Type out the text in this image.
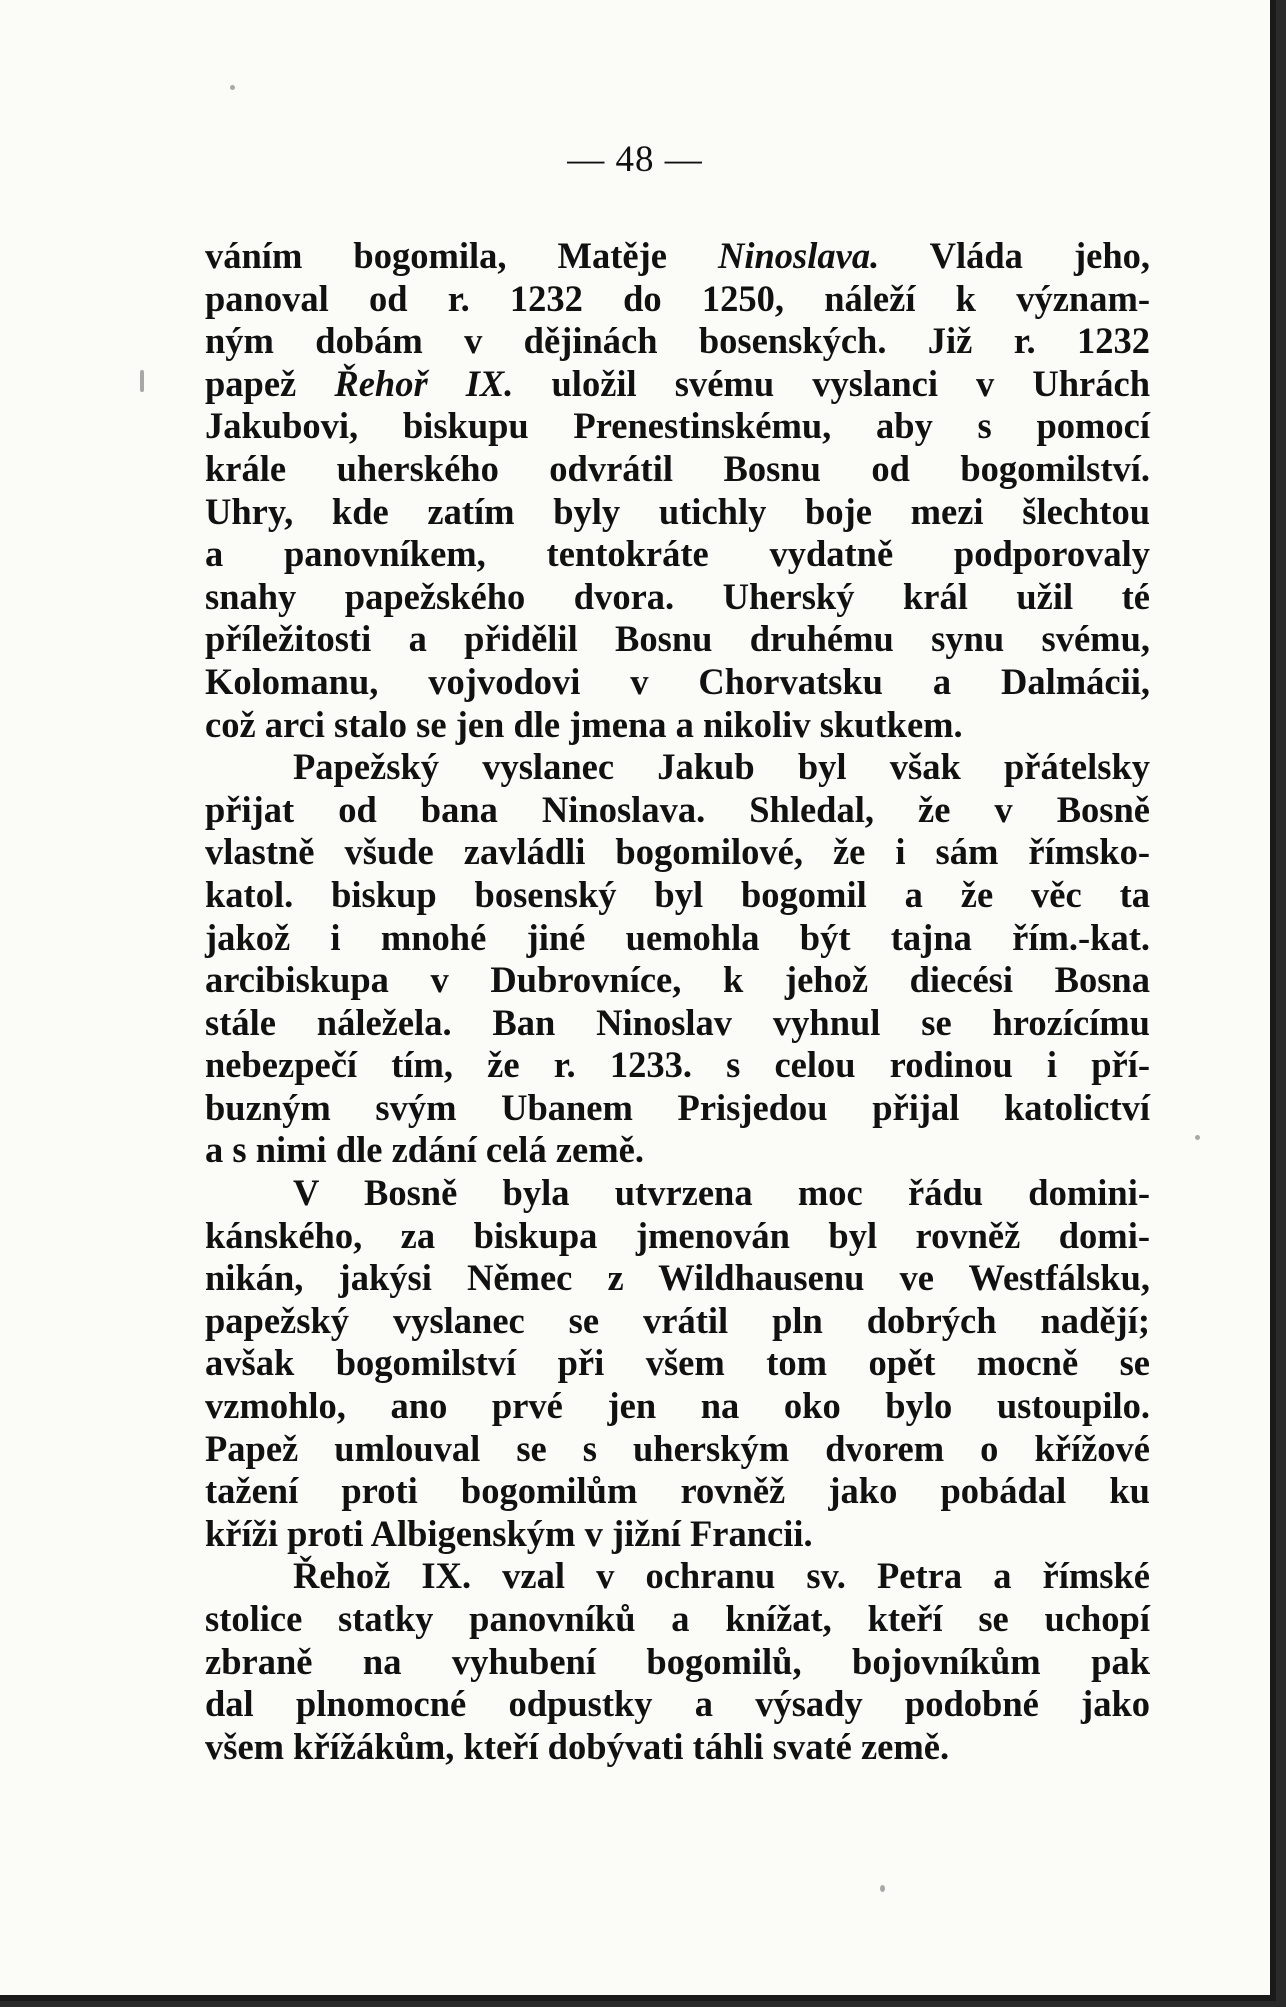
— 48 —

váním bogomila, Matěje Ninoslava. Vláda jeho,
panoval od r. 1232 do 1250, náleží k význam-
ným dobám v dějinách bosenských. Již r. 1232
papež Řehoř IX. uložil svému vyslanci v Uhrách
Jakubovi, biskupu Prenestinskému, aby s pomocí
krále uherského odvrátil Bosnu od bogomilství.
Uhry, kde zatím byly utichly boje mezi šlechtou
a panovníkem, tentokráte vydatně podporovaly
snahy papežského dvora. Uherský král užil té
příležitosti a přidělil Bosnu druhému synu svému,
Kolomanu, vojvodovi v Chorvatsku a Dalmácii,
což arci stalo se jen dle jmena a nikoliv skutkem.

Papežský vyslanec Jakub byl však přátelsky
přijat od bana Ninoslava. Shledal, že v Bosně
vlastně všude zavládli bogomilové, že i sám římsko-
katol. biskup bosenský byl bogomil a že věc ta
jakož i mnohé jiné uemohla být tajna řím.-kat.
arcibiskupa v Dubrovníce, k jehož diecési Bosna
stále náležela. Ban Ninoslav vyhnul se hrozícímu
nebezpečí tím, že r. 1233. s celou rodinou i pří-
buzným svým Ubanem Prisjedou přijal katolictví
a s nimi dle zdání celá země.

V Bosně byla utvrzena moc řádu domini-
kánského, za biskupa jmenován byl rovněž domi-
nikán, jakýsi Němec z Wildhausenu ve Westfálsku,
papežský vyslanec se vrátil pln dobrých nadějí;
avšak bogomilství při všem tom opět mocně se
vzmohlo, ano prvé jen na oko bylo ustoupilo.
Papež umlouval se s uherským dvorem o křížové
tažení proti bogomilům rovněž jako pobádal ku
kříži proti Albigenským v jižní Francii.

Řehož IX. vzal v ochranu sv. Petra a římské
stolice statky panovníků a knížat, kteří se uchopí
zbraně na vyhubení bogomilů, bojovníkům pak
dal plnomocné odpustky a výsady podobné jako
všem křížákům, kteří dobývati táhli svaté země.
